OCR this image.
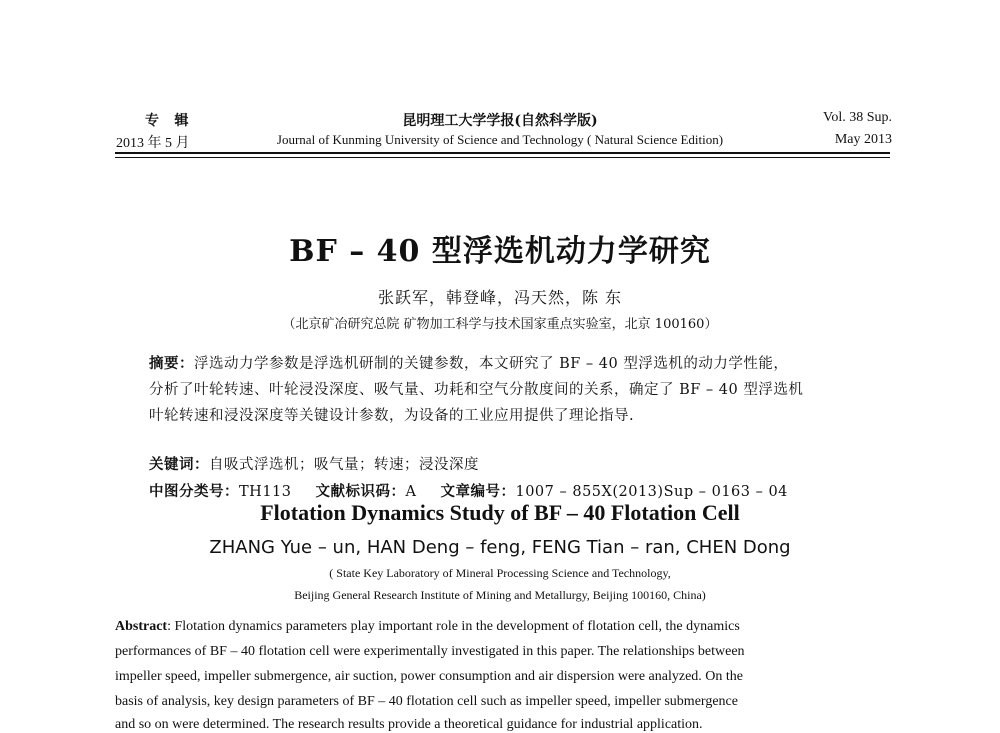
专 辑
2013 年 5 月
昆明理工大学学报(自然科学版)
Journal of Kunming University of Science and Technology ( Natural Science Edition)
Vol. 38 Sup.
May 2013
BF – 40 型浮选机动力学研究
张跃军，韩登峰，冯天然，陈 东
（北京矿冶研究总院 矿物加工科学与技术国家重点实验室，北京 100160）
摘要：浮选动力学参数是浮选机研制的关键参数，本文研究了 BF – 40 型浮选机的动力学性能，
分析了叶轮转速、叶轮浸没深度、吸气量、功耗和空气分散度间的关系，确定了 BF – 40 型浮选机
叶轮转速和浸没深度等关键设计参数，为设备的工业应用提供了理论指导.
关键词：自吸式浮选机；吸气量；转速；浸没深度
中图分类号：TH113 文献标识码：A 文章编号：1007 – 855X(2013)Sup – 0163 – 04
Flotation Dynamics Study of BF – 40 Flotation Cell
ZHANG Yue – un, HAN Deng – feng, FENG Tian – ran, CHEN Dong
( State Key Laboratory of Mineral Processing Science and Technology,
Beijing General Research Institute of Mining and Metallurgy, Beijing 100160, China)
Abstract: Flotation dynamics parameters play important role in the development of flotation cell, the dynamics
performances of BF – 40 flotation cell were experimentally investigated in this paper. The relationships between
impeller speed, impeller submergence, air suction, power consumption and air dispersion were analyzed. On the
basis of analysis, key design parameters of BF – 40 flotation cell such as impeller speed, impeller submergence
and so on were determined. The research results provide a theoretical guidance for industrial application.
